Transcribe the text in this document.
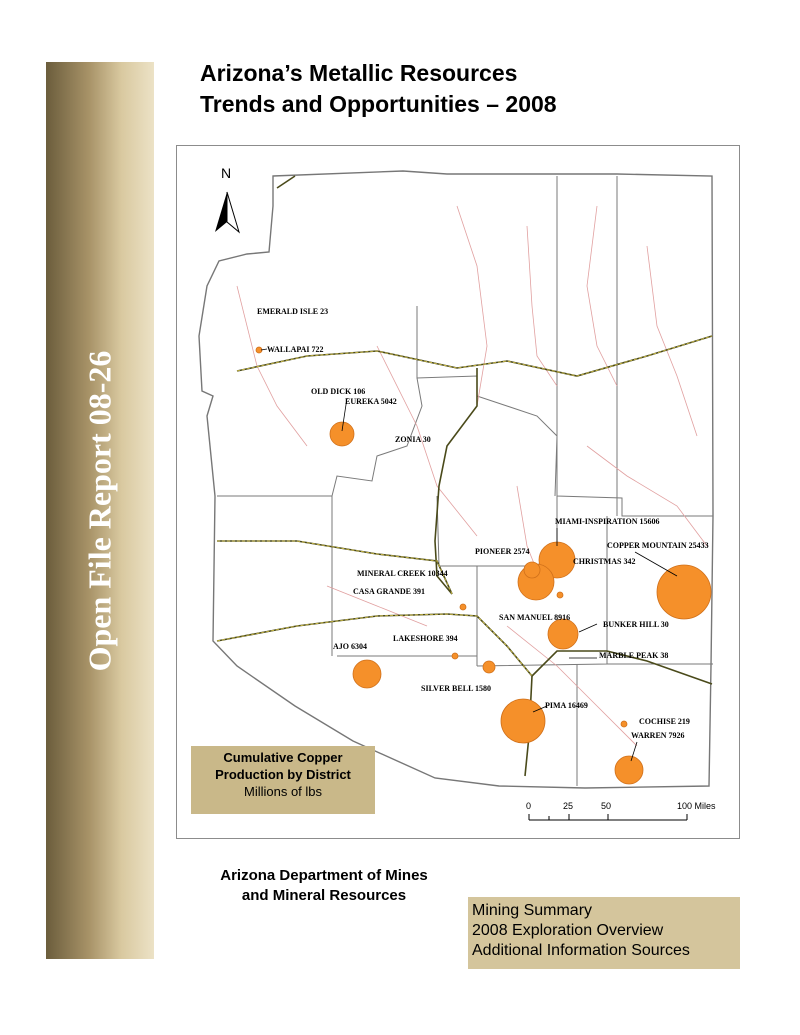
Open File Report 08-26
Arizona’s Metallic Resources
Trends and Opportunities – 2008
N
EMERALD ISLE 23
WALLAPAI 722
OLD DICK 106
EUREKA 5042
ZONIA 30
MIAMI-INSPIRATION 15606
COPPER MOUNTAIN 25433
PIONEER 2574
CHRISTMAS 342
MINERAL CREEK 10344
CASA GRANDE 391
SAN MANUEL 8916
BUNKER HILL 30
LAKESHORE 394
MARBLE PEAK 38
AJO 6304
SILVER BELL 1580
PIMA 16469
COCHISE 219
WARREN 7926
0	25	50	100 Miles
Cumulative Copper
Production by District
Millions of lbs
Arizona Department of Mines
and Mineral Resources
Mining Summary
2008 Exploration Overview
Additional Information Sources
